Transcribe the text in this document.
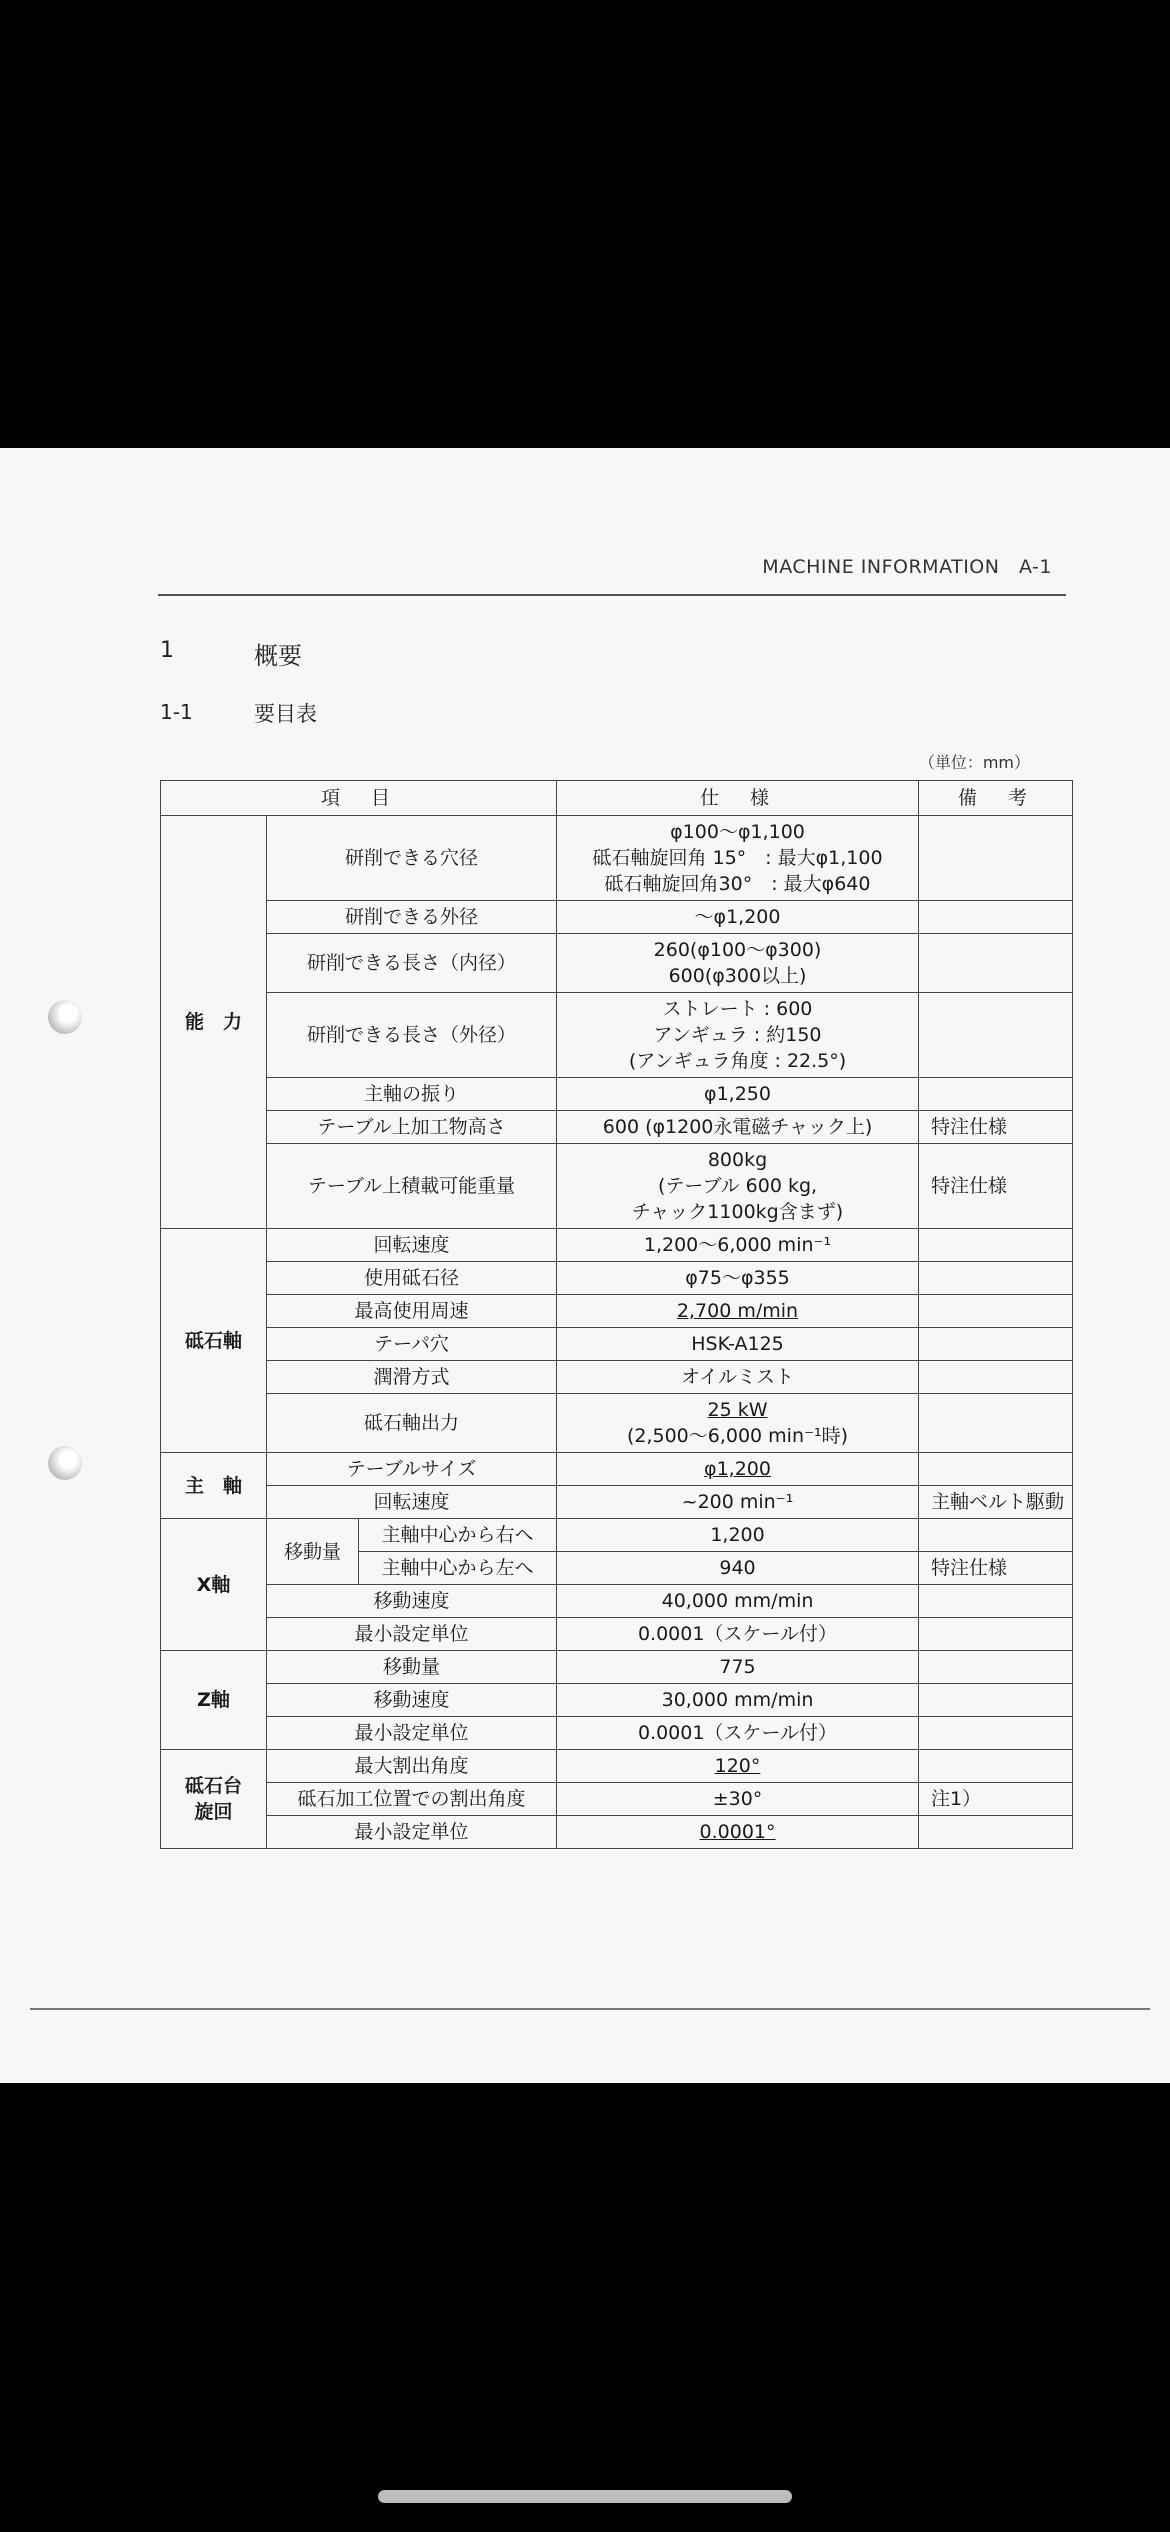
MACHINE INFORMATION　A-1
1	概要
1-1	要目表
（単位：mm）
項　目			仕　様	備　考
能　力	研削できる穴径		φ100～φ1,100
砥石軸旋回角 15°　: 最大φ1,100
砥石軸旋回角30°　: 最大φ640	

	研削できる外径		～φ1,200	
	研削できる長さ（内径）		260(φ100～φ300)
600(φ300以上)	

	研削できる長さ（外径）		ストレート : 600
アンギュラ : 約150
(アンギュラ角度 : 22.5°)	

	主軸の振り		φ1,250	
	テーブル上加工物高さ		600 (φ1200永電磁チャック上)	特注仕様
	テーブル上積載可能重量		800kg
(テーブル 600 kg,
チャック1100kg含まず)	特注仕様
砥石軸	回転速度		1,200～6,000 min⁻¹	
	使用砥石径		φ75～φ355	
	最高使用周速		2,700 m/min	
	テーパ穴		HSK-A125	
	潤滑方式		オイルミスト	
	砥石軸出力		25 kW
(2,500～6,000 min⁻¹時)	

主　軸	テーブルサイズ		φ1,200	
	回転速度		~200 min⁻¹	主軸ベルト駆動
X軸	移動量	主軸中心から右へ	1,200	
		主軸中心から左へ	940	特注仕様
	移動速度		40,000 mm/min	
	最小設定単位		0.0001（スケール付）	
Z軸	移動量		775	
	移動速度		30,000 mm/min	
	最小設定単位		0.0001（スケール付）	

砥石台
旋回	最大割出角度		120°	
	砥石加工位置での割出角度		±30°	注1）
	最小設定単位		0.0001°	
